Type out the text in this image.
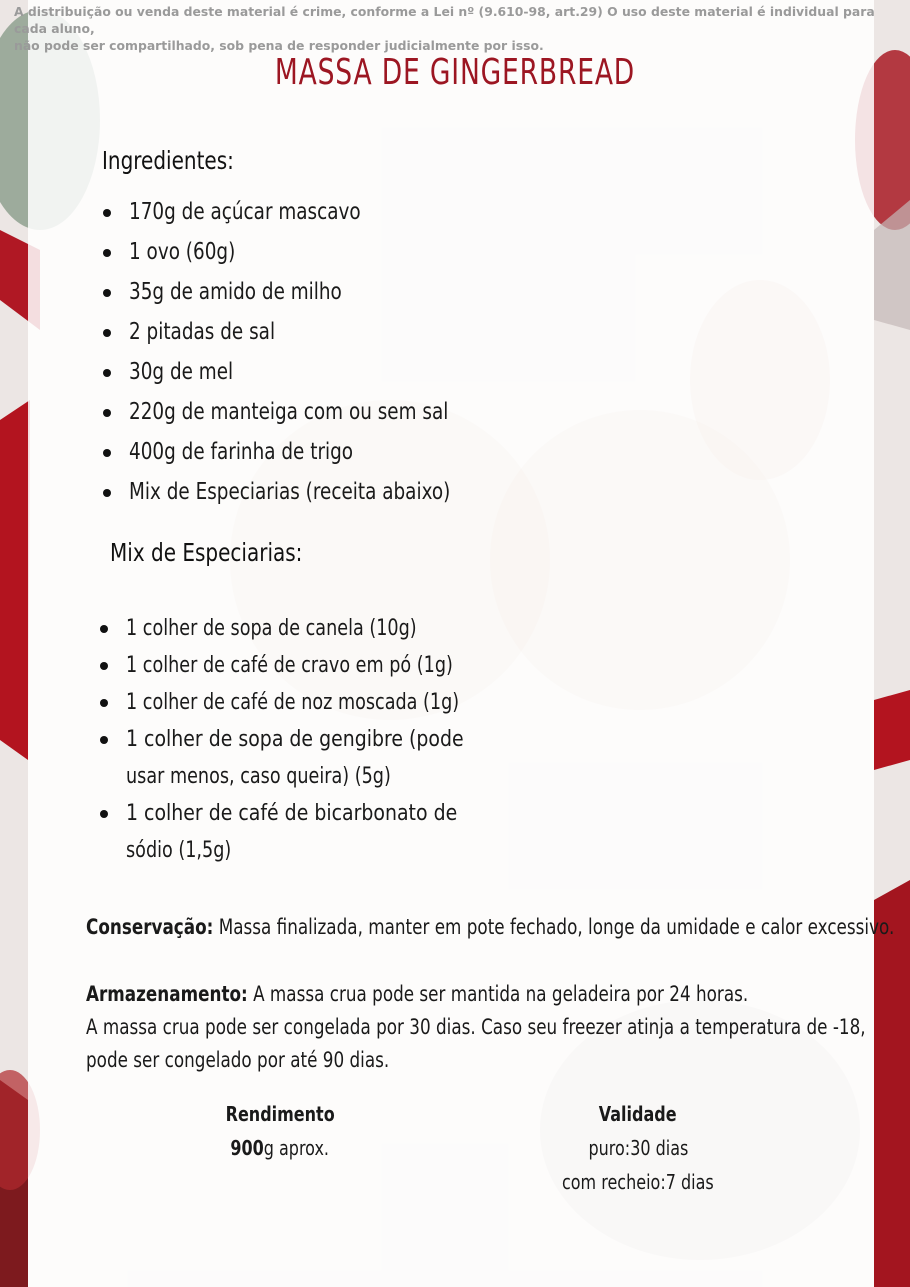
A distribuição ou venda deste material é crime, conforme a Lei nº (9.610-98, art.29) O uso deste material é individual para cada aluno,
não pode ser compartilhado, sob pena de responder judicialmente por isso.
MASSA DE GINGERBREAD
Ingredientes:
170g de açúcar mascavo
1 ovo (60g)
35g de amido de milho
2 pitadas de sal
30g de mel
220g de manteiga com ou sem sal
400g de farinha de trigo
Mix de Especiarias (receita abaixo)
Mix de Especiarias:
1 colher de sopa de canela (10g)
1 colher de café de cravo em pó (1g)
1 colher de café de noz moscada (1g)
1 colher de sopa de gengibre (pode
usar menos, caso queira) (5g)
1 colher de café de bicarbonato de
sódio (1,5g)
Conservação: Massa finalizada, manter em pote fechado, longe da umidade e calor excessivo.
Armazenamento: A massa crua pode ser mantida na geladeira por 24 horas.
A massa crua pode ser congelada por 30 dias. Caso seu freezer atinja a temperatura de -18,
pode ser congelado por até 90 dias.
Rendimento
900g aprox.
Validade
puro:30 dias
com recheio:7 dias
